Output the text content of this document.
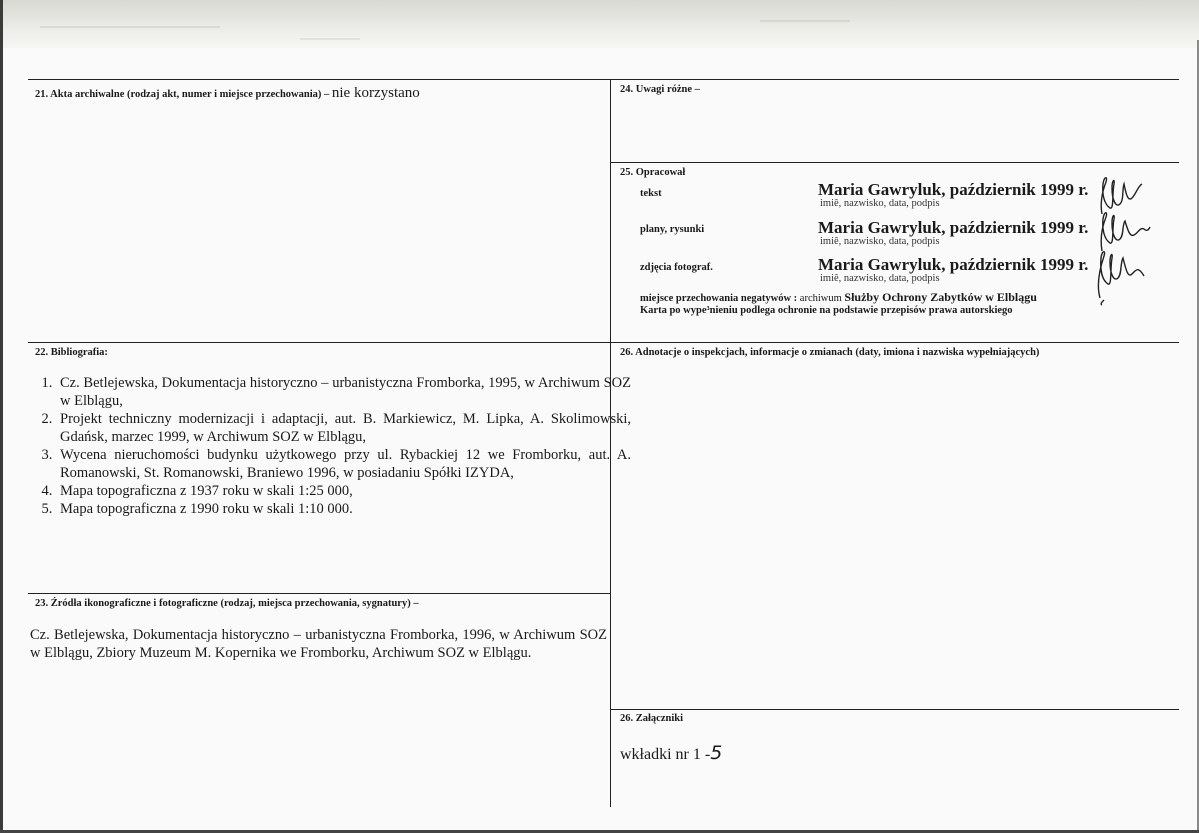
21. Akta archiwalne (rodzaj akt, numer i miejsce przechowania) – nie korzystano	24. Uwagi różne –
25. Opracował
tekst	Maria Gawryluk, październik 1999 r.
imiê, nazwisko, data, podpis
plany, rysunki	Maria Gawryluk, październik 1999 r.
imiê, nazwisko, data, podpis
zdjęcia fotograf.	Maria Gawryluk, październik 1999 r.
imiê, nazwisko, data, podpis
miejsce przechowania negatywów : archiwum Służby Ochrony Zabytków w Elblągu
Karta po wype³nieniu podlega ochronie na podstawie przepisów prawa autorskiego
22. Bibliografia:
1. Cz. Betlejewska, Dokumentacja historyczno – urbanistyczna Fromborka, 1995, w Archiwum SOZ w Elblągu,
2. Projekt techniczny modernizacji i adaptacji, aut. B. Markiewicz, M. Lipka, A. Skolimowski, Gdańsk, marzec 1999, w Archiwum SOZ w Elblągu,
3. Wycena nieruchomości budynku użytkowego przy ul. Rybackiej 12 we Fromborku, aut. A. Romanowski, St. Romanowski, Braniewo 1996, w posiadaniu Spółki IZYDA,
4. Mapa topograficzna z 1937 roku w skali 1:25 000,
5. Mapa topograficzna z 1990 roku w skali 1:10 000.
26. Adnotacje o inspekcjach, informacje o zmianach (daty, imiona i nazwiska wypełniających)
23. Źródła ikonograficzne i fotograficzne (rodzaj, miejsca przechowania, sygnatury) –
Cz. Betlejewska, Dokumentacja historyczno – urbanistyczna Fromborka, 1996, w Archiwum SOZ w Elblągu, Zbiory Muzeum M. Kopernika we Fromborku, Archiwum SOZ w Elblągu.
26. Załączniki
wkładki nr 1 -5
